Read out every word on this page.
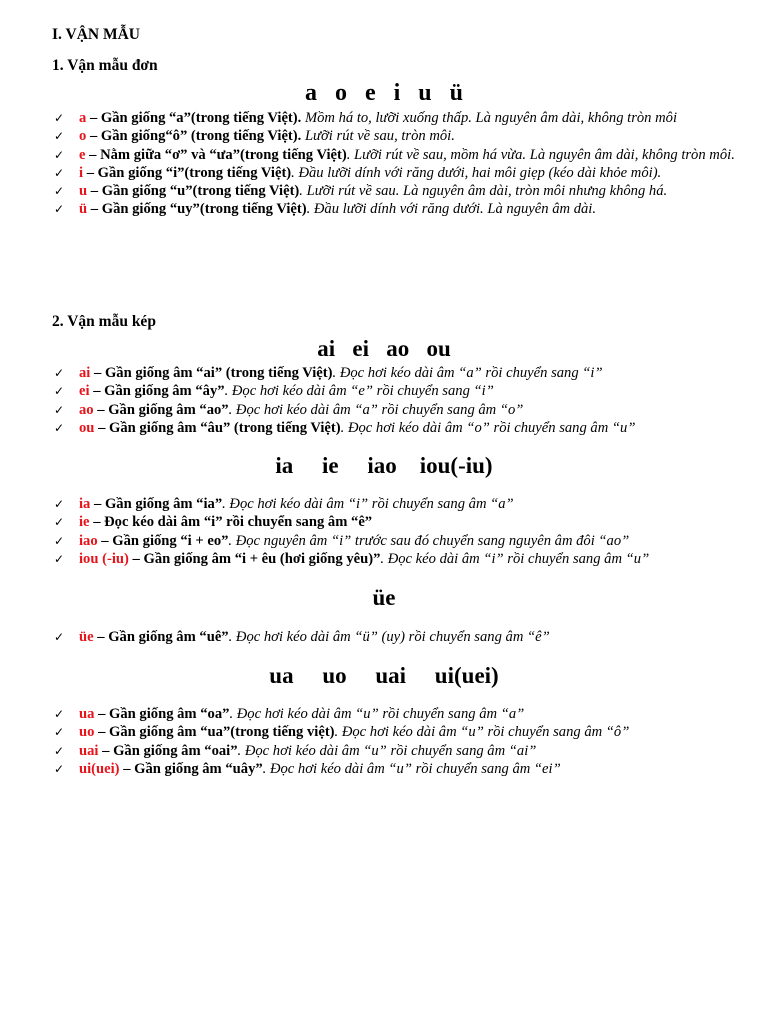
I. VẬN MẪU
1. Vận mẫu đơn
a   o   e   i   u   ü
✓ a – Gần giống “a”(trong tiếng Việt). Mồm há to, lưỡi xuống thấp. Là nguyên âm dài, không tròn môi
✓ o – Gần giống“ô” (trong tiếng Việt). Lưỡi rút về sau, tròn môi.
✓ e – Nằm giữa “ơ” và “ưa”(trong tiếng Việt). Lưỡi rút về sau, mồm há vừa. Là nguyên âm dài, không tròn môi.
✓ i – Gần giống “i”(trong tiếng Việt). Đầu lưỡi dính với răng dưới, hai môi giẹp (kéo dài khỏe môi).
✓ u – Gần giống “u”(trong tiếng Việt). Lưỡi rút về sau. Là nguyên âm dài, tròn môi nhưng không há.
✓ ü – Gần giống “uy”(trong tiếng Việt). Đầu lưỡi dính với răng dưới. Là nguyên âm dài.
2. Vận mẫu kép
ai   ei   ao   ou
✓ ai – Gần giống âm “ai” (trong tiếng Việt). Đọc hơi kéo dài âm “a” rồi chuyển sang “i”
✓ ei – Gần giống âm “ây”. Đọc hơi kéo dài âm “e” rồi chuyển sang “i”
✓ ao – Gần giống âm “ao”. Đọc hơi kéo dài âm “a” rồi chuyển sang âm “o”
✓ ou – Gần giống âm “âu” (trong tiếng Việt). Đọc hơi kéo dài âm “o” rồi chuyển sang âm “u”
ia     ie     iao    iou(-iu)
✓ ia – Gần giống âm “ia”. Đọc hơi kéo dài âm “i” rồi chuyển sang âm “a”
✓ ie – Đọc kéo dài âm “i” rồi chuyển sang âm “ê”
✓ iao – Gần giống “i + eo”. Đọc nguyên âm “i” trước sau đó chuyển sang nguyên âm đôi “ao”
✓ iou (-iu) – Gần giống âm “i + êu (hơi giống yêu)”. Đọc kéo dài âm “i” rồi chuyển sang âm “u”
üe
✓ üe – Gần giống âm “uê”. Đọc hơi kéo dài âm “ü” (uy) rồi chuyển sang âm “ê”
ua     uo     uai     ui(uei)
✓ ua – Gần giống âm “oa”. Đọc hơi kéo dài âm “u” rồi chuyển sang âm “a”
✓ uo – Gần giống âm “ua”(trong tiếng việt). Đọc hơi kéo dài âm “u” rồi chuyển sang âm “ô”
✓ uai – Gần giống âm “oai”. Đọc hơi kéo dài âm “u” rồi chuyển sang âm “ai”
✓ ui(uei) – Gần giống âm “uây”. Đọc hơi kéo dài âm “u” rồi chuyển sang âm “ei”
